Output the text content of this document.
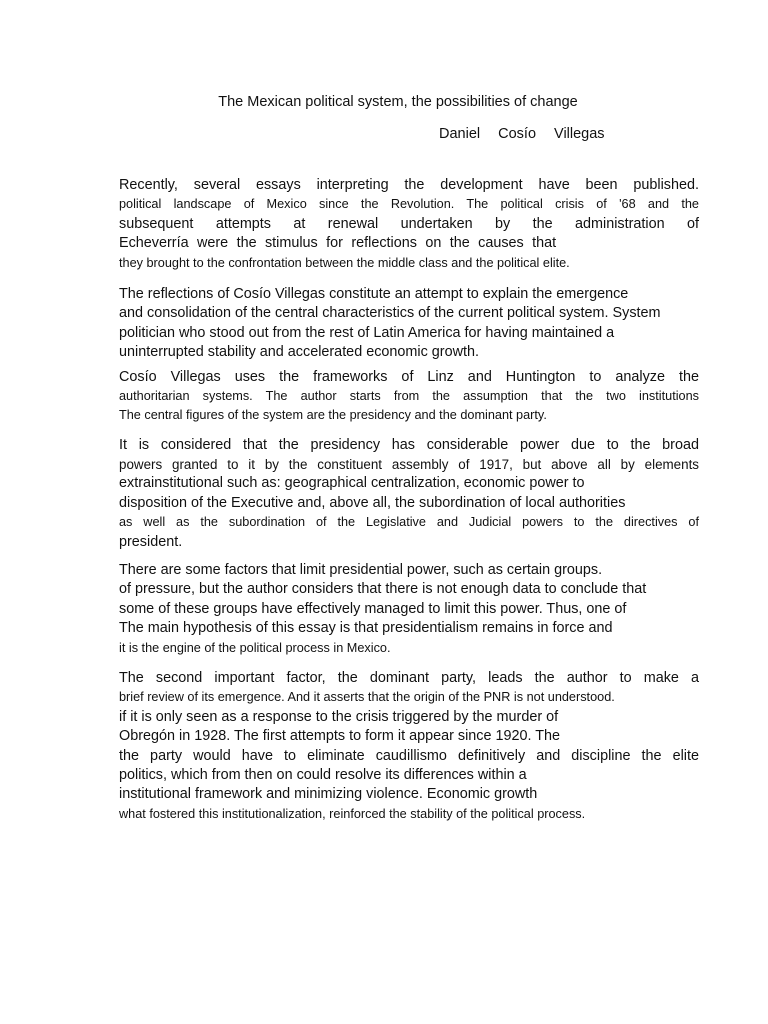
The Mexican political system, the possibilities of change
Daniel Cosío Villegas
Recently, several essays interpreting the development have been published.
political landscape of Mexico since the Revolution. The political crisis of '68 and the
subsequent attempts at renewal undertaken by the administration of
Echeverría were the stimulus for reflections on the causes that
they brought to the confrontation between the middle class and the political elite.
The reflections of Cosío Villegas constitute an attempt to explain the emergence
and consolidation of the central characteristics of the current political system. System
politician who stood out from the rest of Latin America for having maintained a
uninterrupted stability and accelerated economic growth.
Cosío Villegas uses the frameworks of Linz and Huntington to analyze the
authoritarian systems. The author starts from the assumption that the two institutions
The central figures of the system are the presidency and the dominant party.
It is considered that the presidency has considerable power due to the broad
powers granted to it by the constituent assembly of 1917, but above all by elements
extrainstitutional such as: geographical centralization, economic power to
disposition of the Executive and, above all, the subordination of local authorities
as well as the subordination of the Legislative and Judicial powers to the directives of
president.
There are some factors that limit presidential power, such as certain groups.
of pressure, but the author considers that there is not enough data to conclude that
some of these groups have effectively managed to limit this power. Thus, one of
The main hypothesis of this essay is that presidentialism remains in force and
it is the engine of the political process in Mexico.
The second important factor, the dominant party, leads the author to make a
brief review of its emergence. And it asserts that the origin of the PNR is not understood.
if it is only seen as a response to the crisis triggered by the murder of
Obregón in 1928. The first attempts to form it appear since 1920. The
the party would have to eliminate caudillismo definitively and discipline the elite
politics, which from then on could resolve its differences within a
institutional framework and minimizing violence. Economic growth
what fostered this institutionalization, reinforced the stability of the political process.
